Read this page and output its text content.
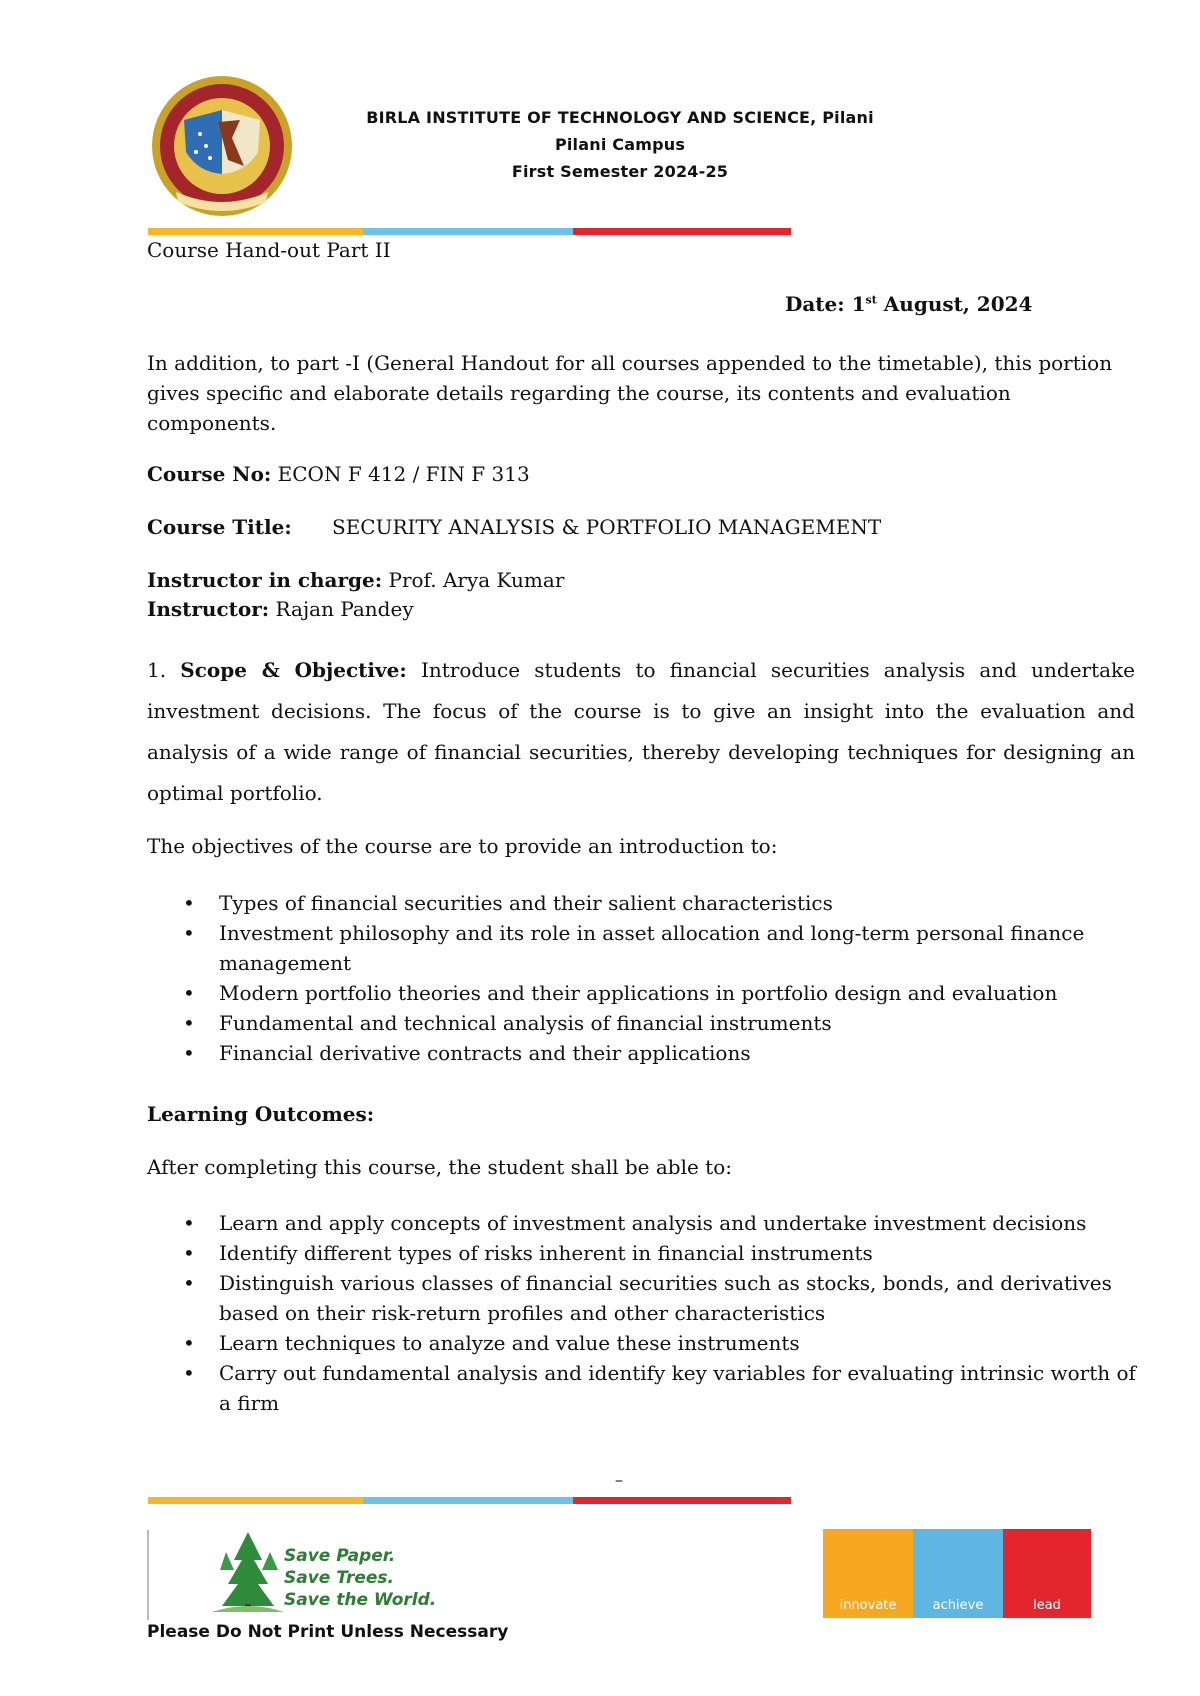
BIRLA INSTITUTE OF TECHNOLOGY AND SCIENCE, Pilani
Pilani Campus
First Semester 2024-25
Course Hand-out Part II
Date: 1st August, 2024
In addition, to part -I (General Handout for all courses appended to the timetable), this portion gives specific and elaborate details regarding the course, its contents and evaluation components.
Course No: ECON F 412 / FIN F 313
Course Title: SECURITY ANALYSIS & PORTFOLIO MANAGEMENT
Instructor in charge: Prof. Arya Kumar
Instructor: Rajan Pandey
1. Scope & Objective: Introduce students to financial securities analysis and undertake investment decisions. The focus of the course is to give an insight into the evaluation and analysis of a wide range of financial securities, thereby developing techniques for designing an optimal portfolio.
The objectives of the course are to provide an introduction to:
• Types of financial securities and their salient characteristics
• Investment philosophy and its role in asset allocation and long-term personal finance management
• Modern portfolio theories and their applications in portfolio design and evaluation
• Fundamental and technical analysis of financial instruments
• Financial derivative contracts and their applications
Learning Outcomes:
After completing this course, the student shall be able to:
• Learn and apply concepts of investment analysis and undertake investment decisions
• Identify different types of risks inherent in financial instruments
• Distinguish various classes of financial securities such as stocks, bonds, and derivatives based on their risk-return profiles and other characteristics
• Learn techniques to analyze and value these instruments
• Carry out fundamental analysis and identify key variables for evaluating intrinsic worth of a firm
–
Save Paper.
Save Trees.
Save the World.
Please Do Not Print Unless Necessary
innovate	achieve	lead
